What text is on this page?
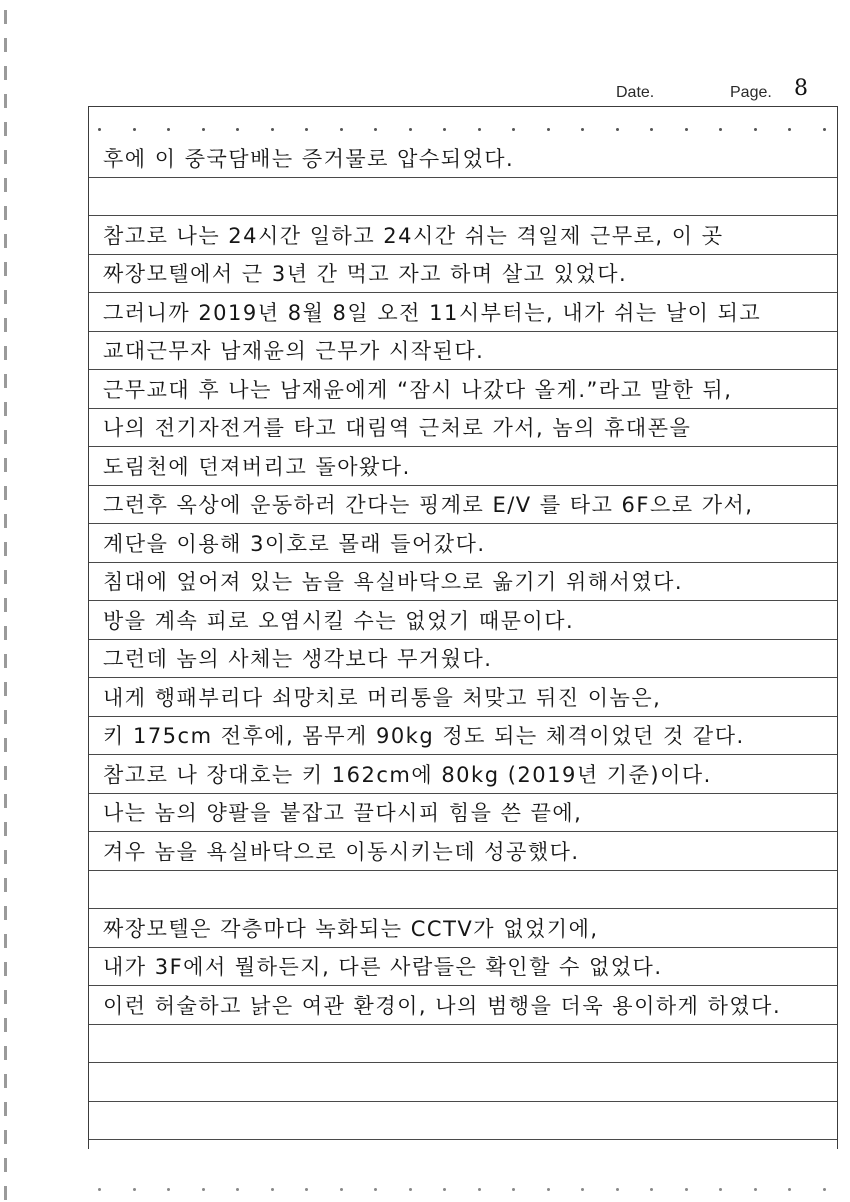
Date.	Page. 8
후에 이 중국담배는 증거물로 압수되었다.
참고로 나는 24시간 일하고 24시간 쉬는 격일제 근무로, 이 곳
짜장모텔에서 근 3년 간 먹고 자고 하며 살고 있었다.
그러니까 2019년 8월 8일 오전 11시부터는, 내가 쉬는 날이 되고
교대근무자 남재윤의 근무가 시작된다.
근무교대 후 나는 남재윤에게 “잠시 나갔다 올게.”라고 말한 뒤,
나의 전기자전거를 타고 대림역 근처로 가서, 놈의 휴대폰을
도림천에 던져버리고 돌아왔다.
그런후 옥상에 운동하러 간다는 핑계로 E/V 를 타고 6F으로 가서,
계단을 이용해 3이호로 몰래 들어갔다.
침대에 엎어져 있는 놈을 욕실바닥으로 옮기기 위해서였다.
방을 계속 피로 오염시킬 수는 없었기 때문이다.
그런데 놈의 사체는 생각보다 무거웠다.
내게 행패부리다 쇠망치로 머리통을 처맞고 뒤진 이놈은,
키 175cm 전후에, 몸무게 90kg 정도 되는 체격이었던 것 같다.
참고로 나 장대호는 키 162cm에 80kg (2019년 기준)이다.
나는 놈의 양팔을 붙잡고 끌다시피 힘을 쓴 끝에,
겨우 놈을 욕실바닥으로 이동시키는데 성공했다.
짜장모텔은 각층마다 녹화되는 CCTV가 없었기에,
내가 3F에서 뭘하든지, 다른 사람들은 확인할 수 없었다.
이런 허술하고 낡은 여관 환경이, 나의 범행을 더욱 용이하게 하였다.
